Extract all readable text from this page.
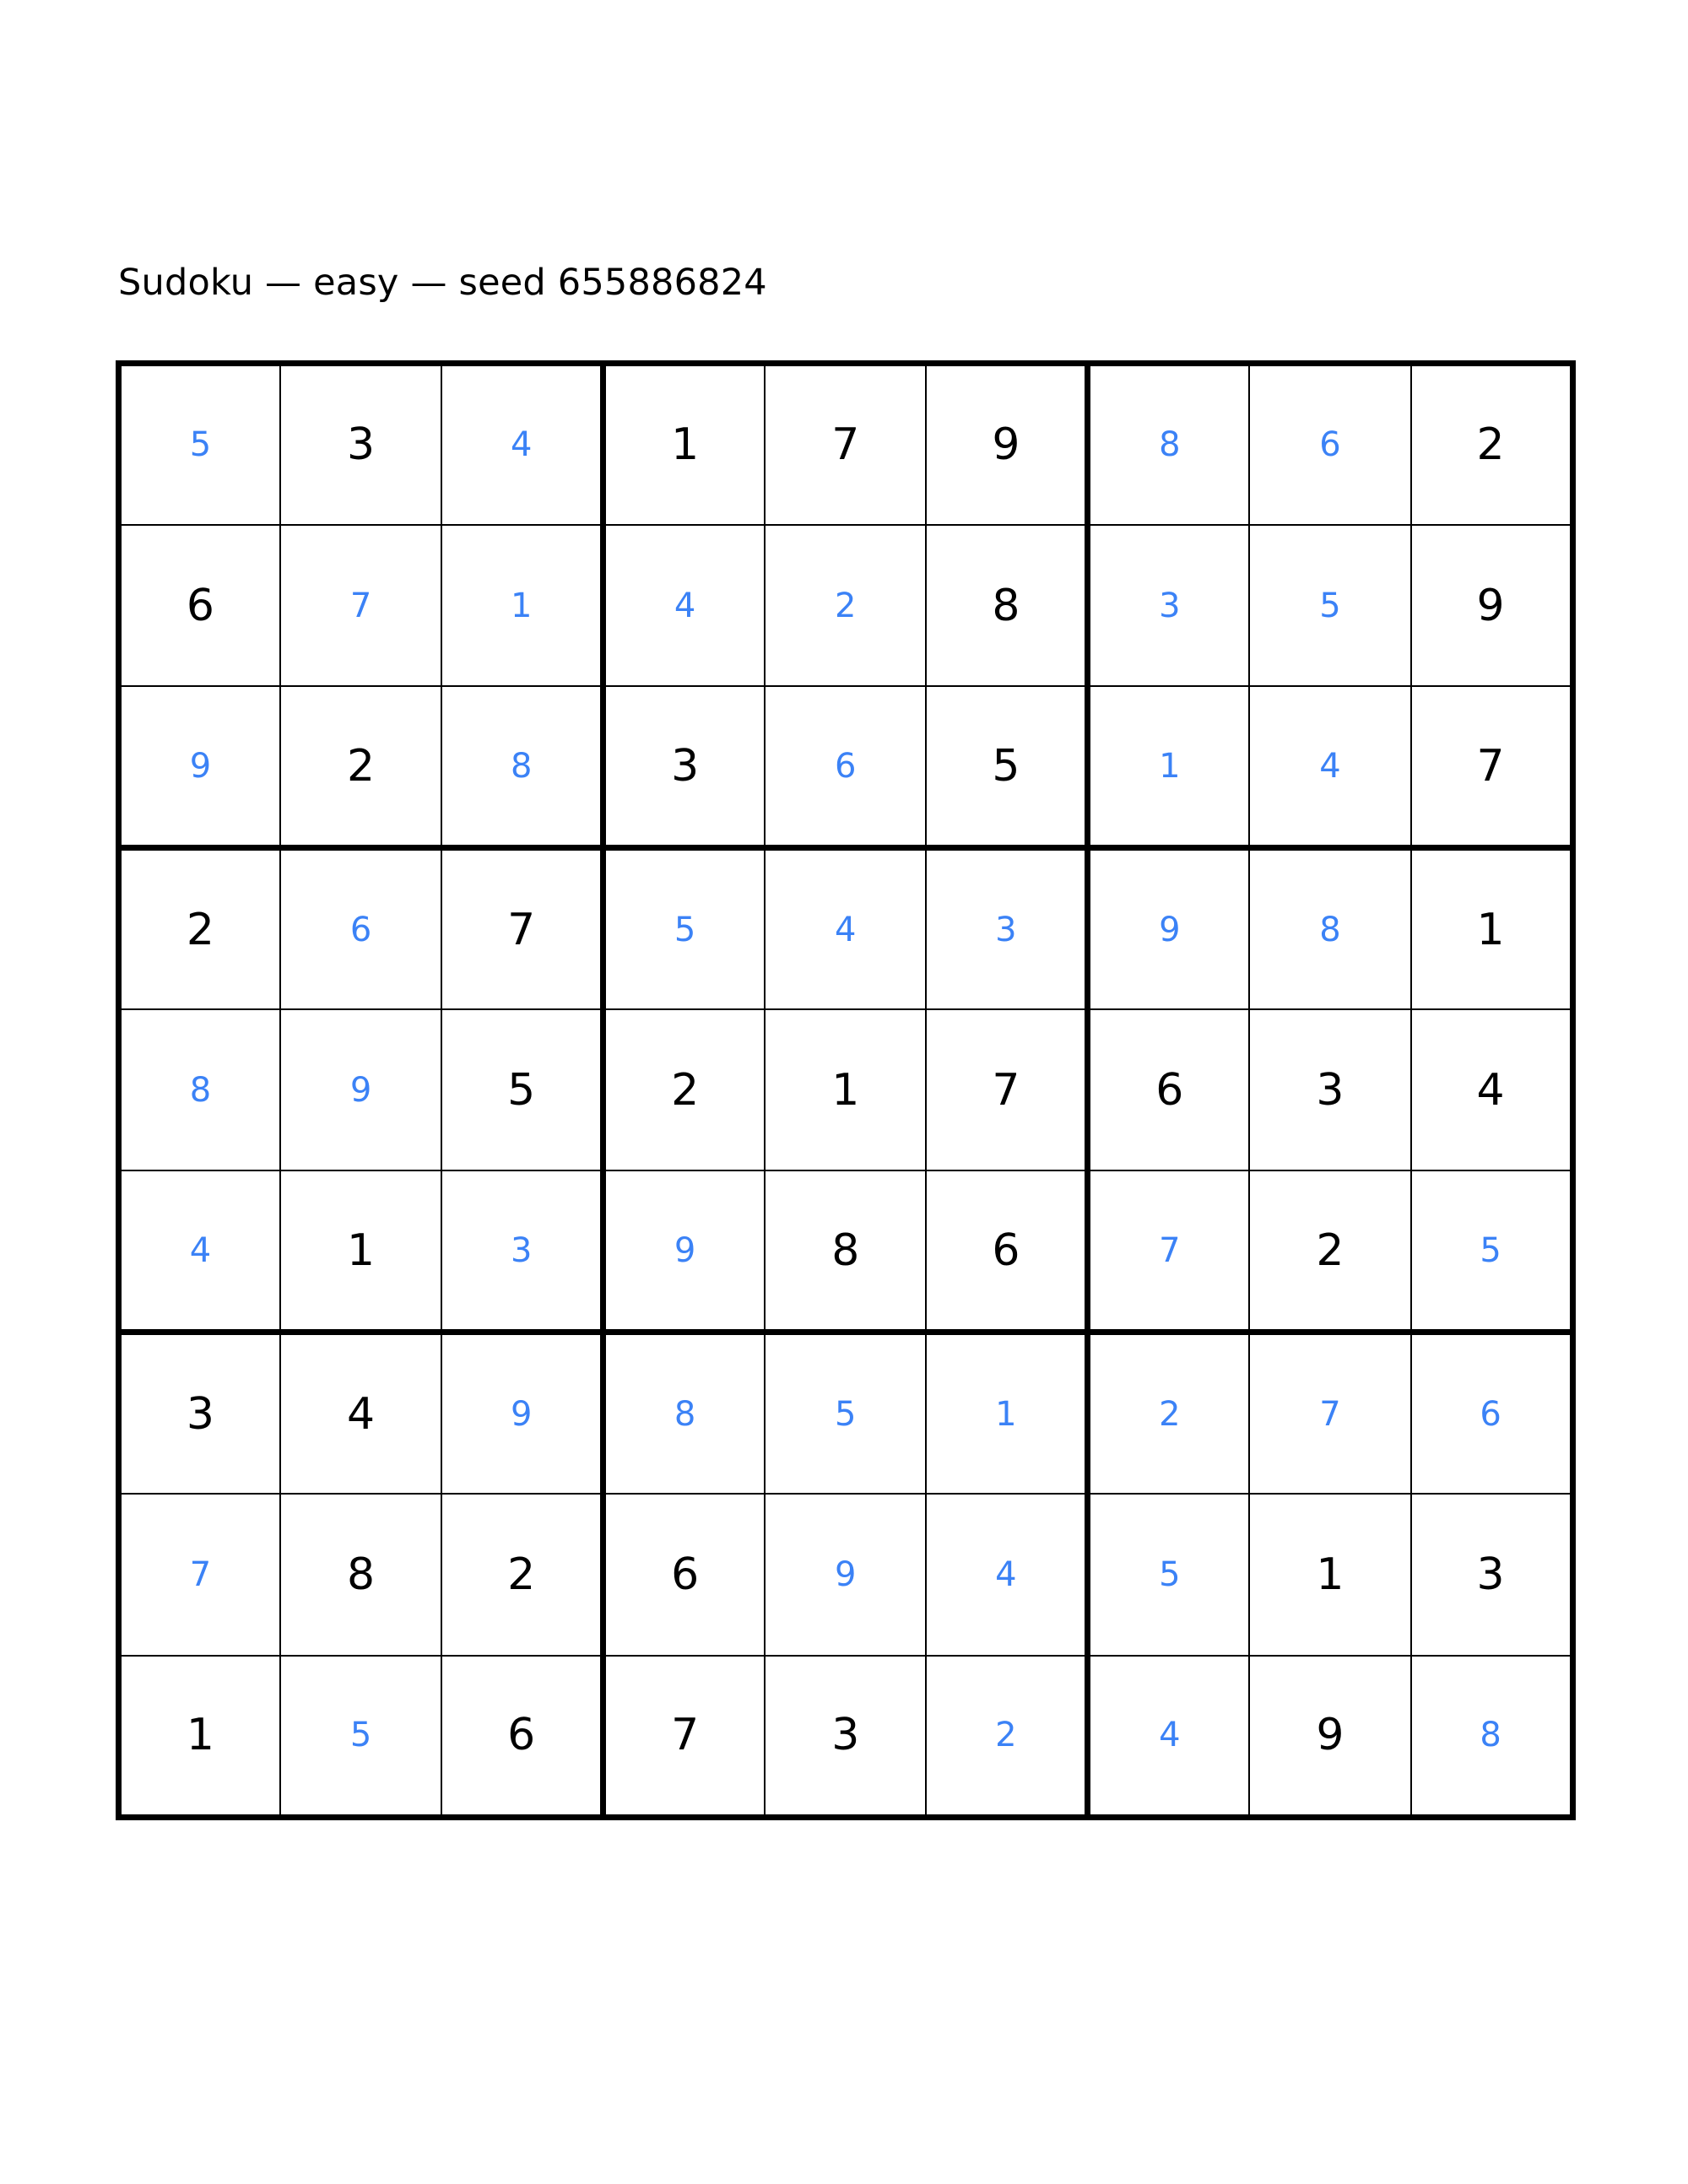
Sudoku — easy — seed 655886824
5	3	4	1	7	9	8	6	2
6	7	1	4	2	8	3	5	9
9	2	8	3	6	5	1	4	7
2	6	7	5	4	3	9	8	1
8	9	5	2	1	7	6	3	4
4	1	3	9	8	6	7	2	5
3	4	9	8	5	1	2	7	6
7	8	2	6	9	4	5	1	3
1	5	6	7	3	2	4	9	8
